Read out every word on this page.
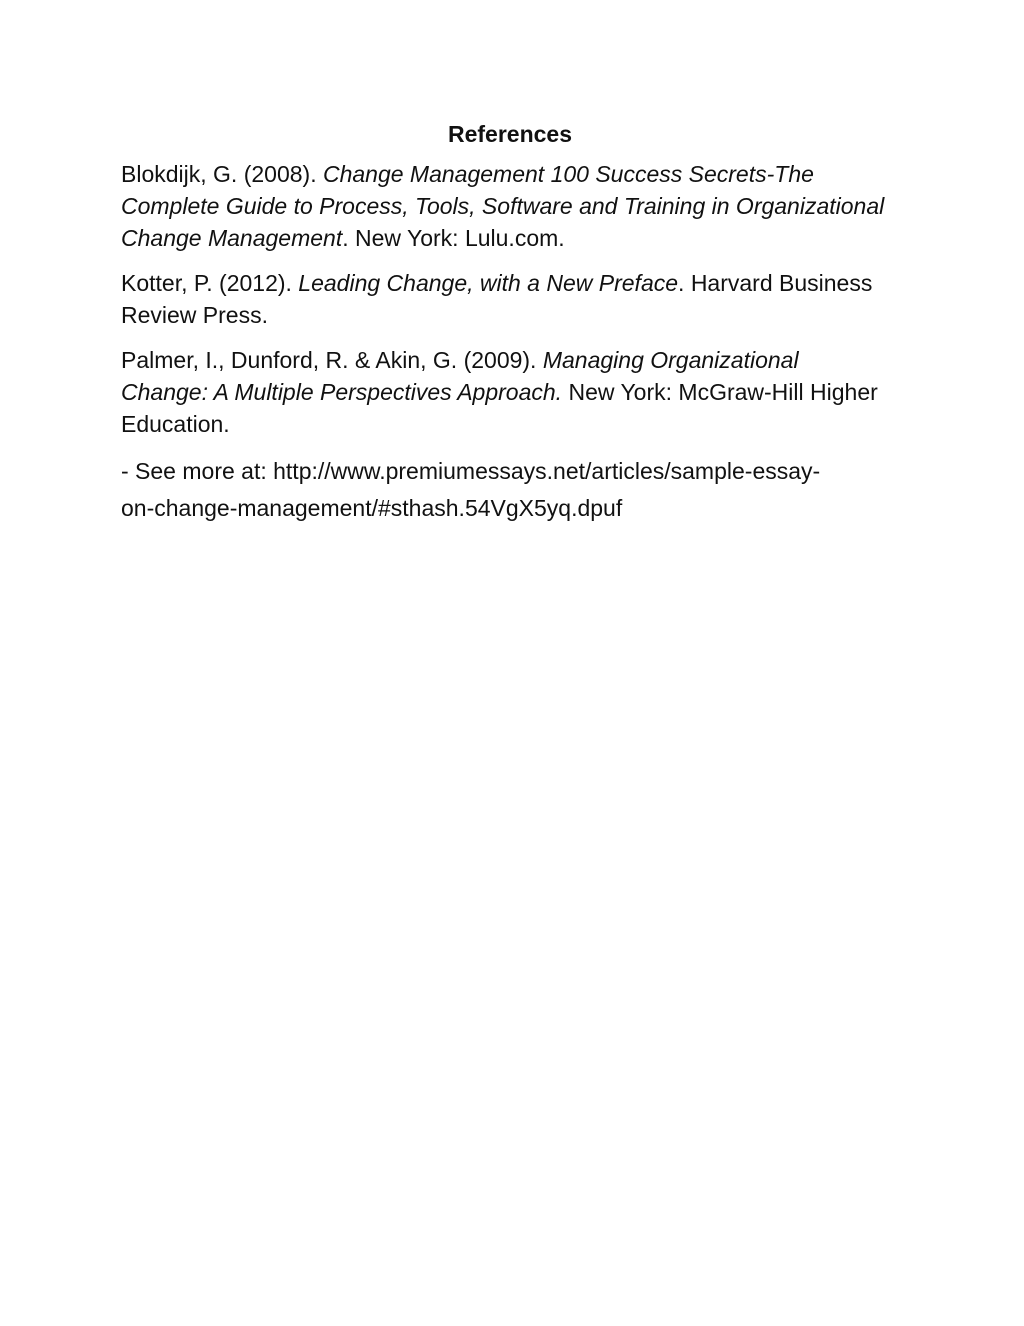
References

Blokdijk, G. (2008). Change Management 100 Success Secrets-The Complete Guide to Process, Tools, Software and Training in Organizational Change Management. New York: Lulu.com.

Kotter, P. (2012). Leading Change, with a New Preface. Harvard Business Review Press.

Palmer, I., Dunford, R. & Akin, G. (2009). Managing Organizational Change: A Multiple Perspectives Approach. New York: McGraw-Hill Higher Education.

- See more at: http://www.premiumessays.net/articles/sample-essay-
on-change-management/#sthash.54VgX5yq.dpuf
